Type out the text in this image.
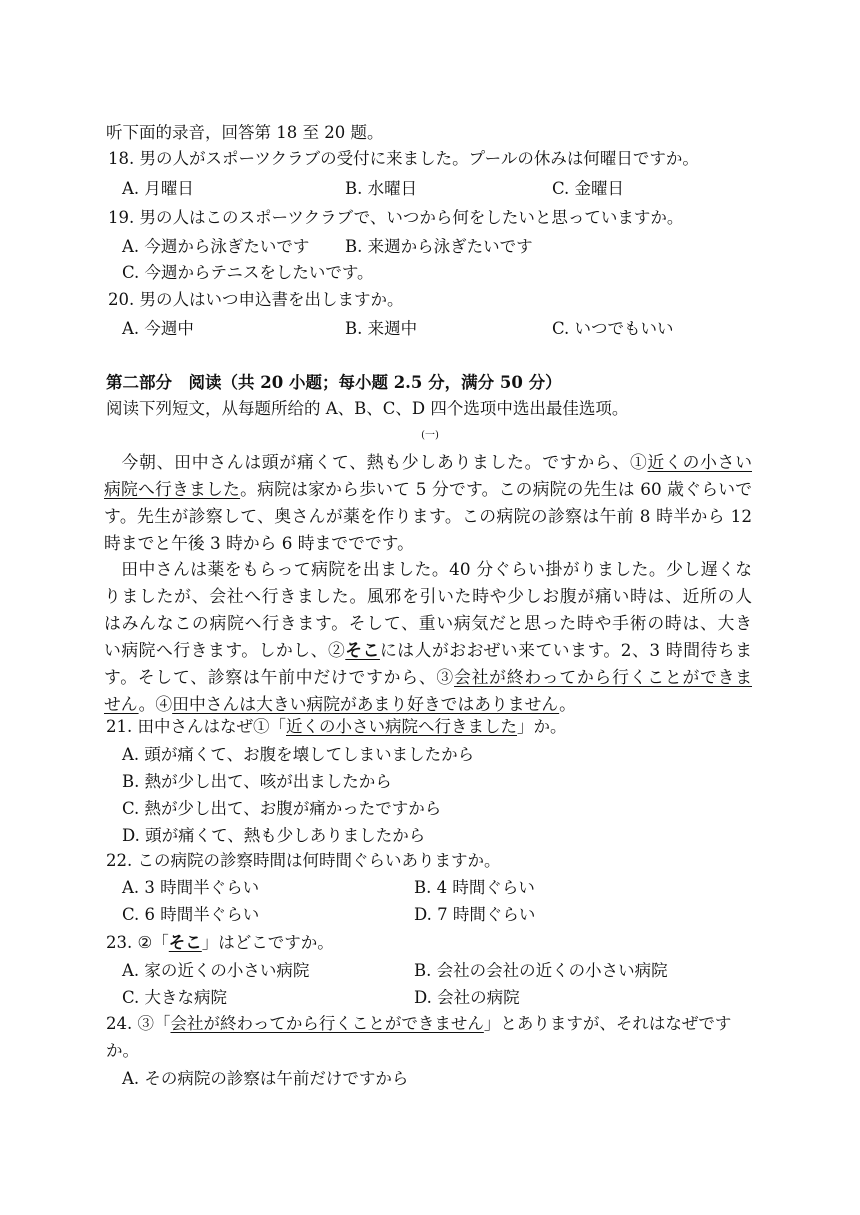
听下面的录音，回答第 18 至 20 题。
18. 男の人がスポーツクラブの受付に来ました。プールの休みは何曜日ですか。
A. 月曜日	B. 水曜日	C. 金曜日
19. 男の人はこのスポーツクラブで、いつから何をしたいと思っていますか。
A. 今週から泳ぎたいです B. 来週から泳ぎたいです
C. 今週からテニスをしたいです。
20. 男の人はいつ申込書を出しますか。
A. 今週中	B. 来週中	C. いつでもいい
第二部分　阅读（共 20 小题；每小题 2.5 分，满分 50 分）
阅读下列短文，从每题所给的 A、B、C、D 四个选项中选出最佳选项。
(一)
　今朝、田中さんは頭が痛くて、熱も少しありました。ですから、①近くの小さい
病院へ行きました。病院は家から歩いて 5 分です。この病院の先生は 60 歳ぐらいで
す。先生が診察して、奥さんが薬を作ります。この病院の診察は午前 8 時半から 12
時までと午後 3 時から 6 時まででです。
　田中さんは薬をもらって病院を出ました。40 分ぐらい掛がりました。少し遅くな
りましたが、会社へ行きました。風邪を引いた時や少しお腹が痛い時は、近所の人
はみんなこの病院へ行きます。そして、重い病気だと思った時や手術の時は、大き
い病院へ行きます。しかし、②そこには人がおおぜい来ています。2、3 時間待ちま
す。そして、診察は午前中だけですから、③会社が終わってから行くことができま
せん。④田中さんは大きい病院があまり好きではありません。
21. 田中さんはなぜ①「近くの小さい病院へ行きました」か。
A. 頭が痛くて、お腹を壊してしまいましたから
B. 熱が少し出て、咳が出ましたから
C. 熱が少し出て、お腹が痛かったですから
D. 頭が痛くて、熱も少しありましたから
22. この病院の診察時間は何時間ぐらいありますか。
A. 3 時間半ぐらい	B. 4 時間ぐらい
C. 6 時間半ぐらい	D. 7 時間ぐらい
23. ②「そこ」はどこですか。
A. 家の近くの小さい病院	B. 会社の会社の近くの小さい病院
C. 大きな病院	D. 会社の病院
24. ③「会社が終わってから行くことができません」とありますが、それはなぜです
か。
A. その病院の診察は午前だけですから
